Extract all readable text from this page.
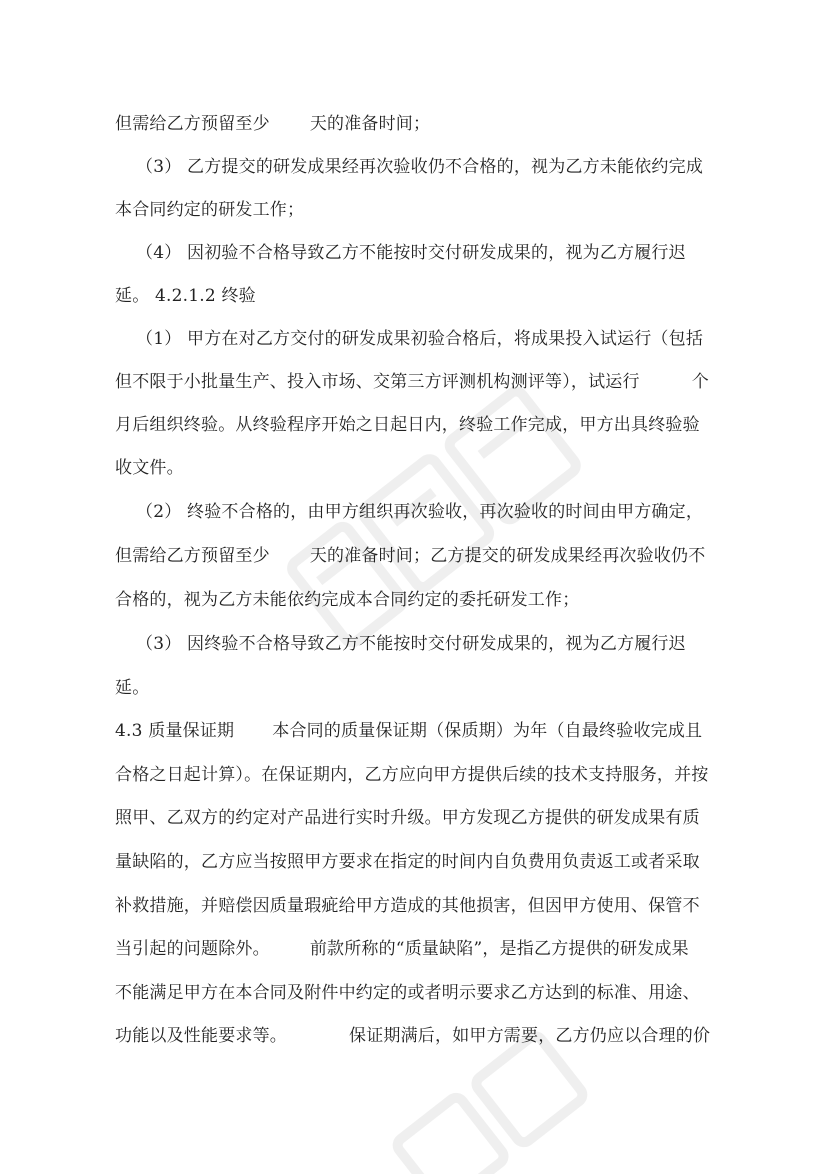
但需给乙方预留至少 天的准备时间；
（3） 乙方提交的研发成果经再次验收仍不合格的，视为乙方未能依约完成
本合同约定的研发工作；
（4） 因初验不合格导致乙方不能按时交付研发成果的，视为乙方履行迟
延。 4.2.1.2 终验
（1） 甲方在对乙方交付的研发成果初验合格后，将成果投入试运行（包括
但不限于小批量生产、投入市场、交第三方评测机构测评等），试运行	个
月后组织终验。从终验程序开始之日起日内，终验工作完成，甲方出具终验验
收文件。
（2） 终验不合格的，由甲方组织再次验收，再次验收的时间由甲方确定，
但需给乙方预留至少 天的准备时间；乙方提交的研发成果经再次验收仍不
合格的，视为乙方未能依约完成本合同约定的委托研发工作；
（3） 因终验不合格导致乙方不能按时交付研发成果的，视为乙方履行迟
延。
4.3 质量保证期 本合同的质量保证期（保质期）为年（自最终验收完成且
合格之日起计算）。在保证期内，乙方应向甲方提供后续的技术支持服务，并按
照甲、乙双方的约定对产品进行实时升级。甲方发现乙方提供的研发成果有质
量缺陷的，乙方应当按照甲方要求在指定的时间内自负费用负责返工或者采取
补救措施，并赔偿因质量瑕疵给甲方造成的其他损害，但因甲方使用、保管不
当引起的问题除外。 前款所称的“质量缺陷”，是指乙方提供的研发成果
不能满足甲方在本合同及附件中约定的或者明示要求乙方达到的标准、用途、
功能以及性能要求等。	保证期满后，如甲方需要，乙方仍应以合理的价
